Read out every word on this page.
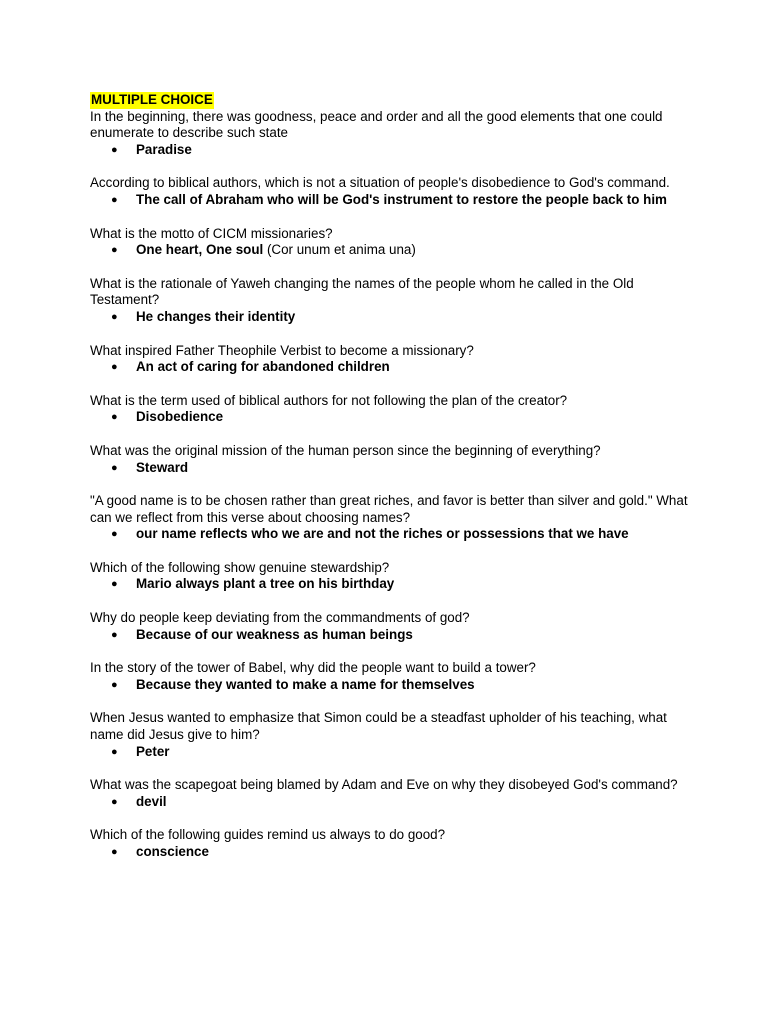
MULTIPLE CHOICE
In the beginning, there was goodness, peace and order and all the good elements that one could enumerate to describe such state
● Paradise
According to biblical authors, which is not a situation of people's disobedience to God's command.
● The call of Abraham who will be God's instrument to restore the people back to him
What is the motto of CICM missionaries?
● One heart, One soul (Cor unum et anima una)
What is the rationale of Yaweh changing the names of the people whom he called in the Old Testament?
● He changes their identity
What inspired Father Theophile Verbist to become a missionary?
● An act of caring for abandoned children
What is the term used of biblical authors for not following the plan of the creator?
● Disobedience
What was the original mission of the human person since the beginning of everything?
● Steward
"A good name is to be chosen rather than great riches, and favor is better than silver and gold." What can we reflect from this verse about choosing names?
● our name reflects who we are and not the riches or possessions that we have
Which of the following show genuine stewardship?
● Mario always plant a tree on his birthday
Why do people keep deviating from the commandments of god?
● Because of our weakness as human beings
In the story of the tower of Babel, why did the people want to build a tower?
● Because they wanted to make a name for themselves
When Jesus wanted to emphasize that Simon could be a steadfast upholder of his teaching, what name did Jesus give to him?
● Peter
What was the scapegoat being blamed by Adam and Eve on why they disobeyed God's command?
● devil
Which of the following guides remind us always to do good?
● conscience
